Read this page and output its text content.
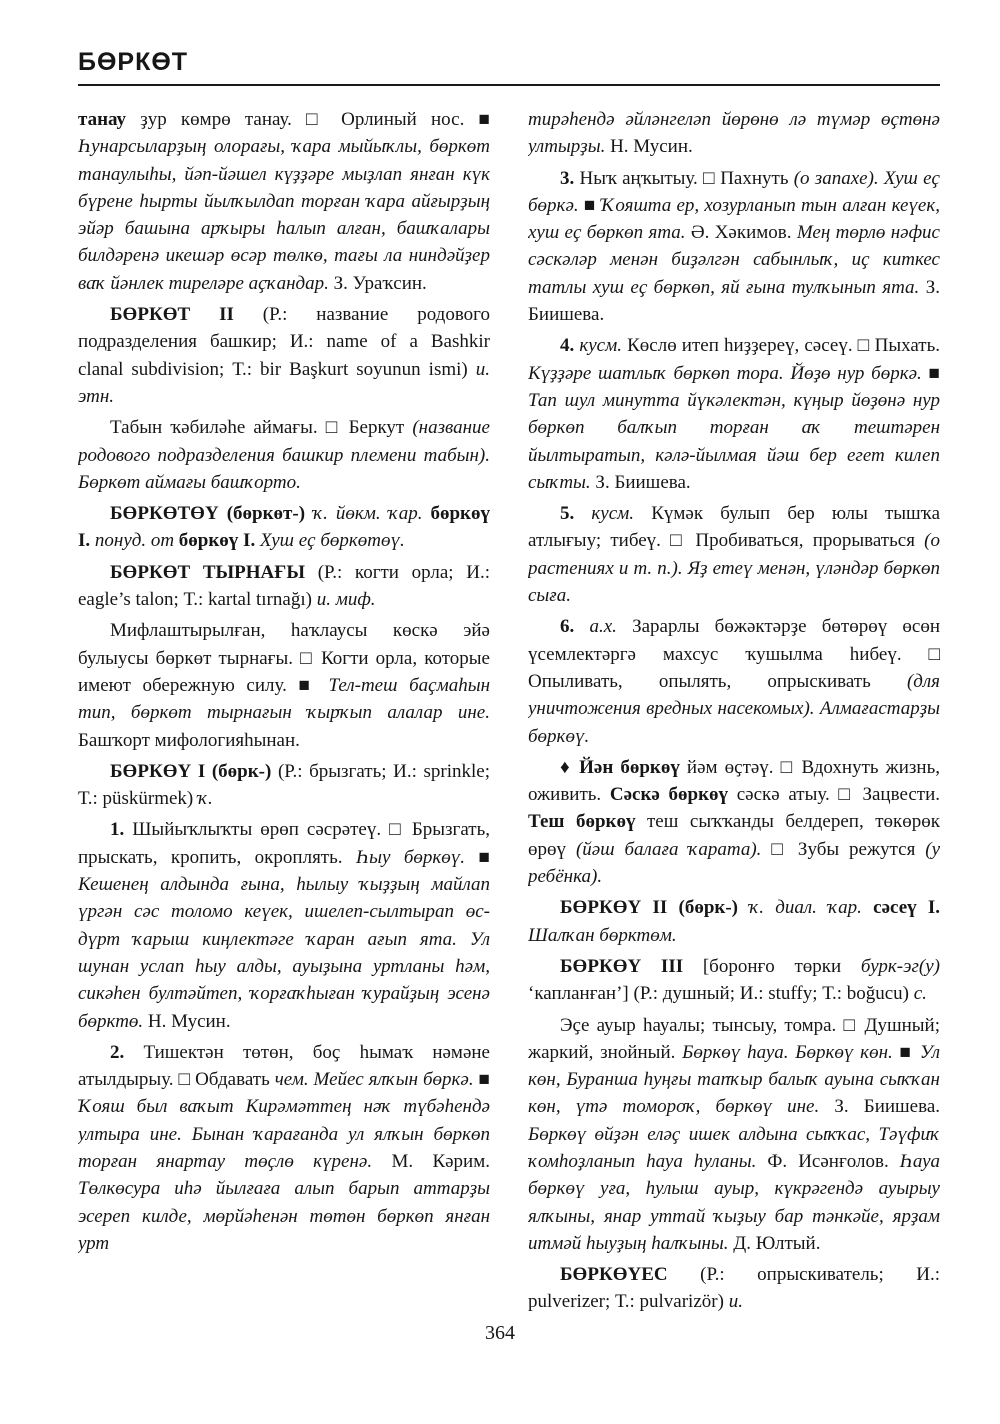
БӨРКӨТ

танау ҙур көмрө танау. □ Орлиный нос. ■ Һунарсыларҙың олорағы, ҡара мыйыҡлы, бөркөт танаулыһы, йәп-йәшел күҙҙәре мыҙлап янған күк бүрене һырты йылҡылдап торған ҡара айғырҙың эйәр башына арҡыры һалып алған, башҡалары билдәренә икешәр өсәр төлкө, тағы ла ниндәйҙер ваҡ йәнлек тиреләре аҫҡандар. З. Ураҡсин.

БӨРКӨТ II (Р.: название родового подразделения башкир; И.: name of a Bashkir clanal subdivision; Т.: bir Başkurt soyunun ismi) и. этн.

Табын ҡәбиләһе аймағы. □ Беркут (название родового подразделения башкир племени табын). Бөркөт аймағы башҡорто.

БӨРКӨТӨҮ (бөркөт-) ҡ. йөкм. ҡар. бөркөү I. понуд. от бөркөү I. Хуш еҫ бөркөтөү.

БӨРКӨТ ТЫРНАҒЫ (Р.: когти орла; И.: eagle’s talon; Т.: kartal tırnağı) и. миф.

Мифлаштырылған, һаҡлаусы көскә эйә булыусы бөркөт тырнағы. □ Когти орла, которые имеют обережную силу. ■ Тел-теш баҫмаһын тип, бөркөт тырнағын ҡырҡып алалар ине. Башҡорт мифологияһынан.

БӨРКӨҮ I (бөрк-) (Р.: брызгать; И.: sprinkle; Т.: püskürmek) ҡ.

1. Шыйыҡлыҡты өрөп сәсрәтеү. □ Брызгать, прыскать, кропить, окроплять. Һыу бөркөү. ■ Кешенең алдында ғына, һылыу ҡыҙҙың майлап үргән сәс толомо кеүек, ишелеп-сылтырап өс-дүрт ҡарыш киңлектәге ҡаран ағып ята. Ул шунан услап һыу алды, ауыҙына уртланы һәм, сикәһен бултәйтеп, ҡорғаҡһыған ҡурайҙың эсенә бөрктө. Н. Мусин.

2. Тишектән төтөн, боҫ һымаҡ нәмәне атылдырыу. □ Обдавать чем. Мейес ялҡын бөркә. ■ Ҡояш был ваҡыт Кирәмәттең нәҡ түбәһендә ултыра ине. Бынан ҡарағанда ул ялҡын бөркөп торған янартау төҫлө күренә. М. Кәрим. Төлкөсура иһә йылғаға алып барып аттарҙы эсереп килде, мөрйәһенән төтөн бөркөп янған урт

тирәһендә әйләнгеләп йөрөнө лә түмәр өҫтөнә ултырҙы. Н. Мусин.

3. Ныҡ аңҡытыу. □ Пахнуть (о запахе). Хуш еҫ бөркә. ■ Ҡояшта ер, хозурланып тын алған кеүек, хуш еҫ бөркөп ята. Ә. Хәкимов. Мең төрлө нәфис сәскәләр менән биҙәлгән сабынлыҡ, иҫ киткес татлы хуш еҫ бөркөп, яй ғына тулҡынып ята. З. Биишева.

4. кусм. Көслө итеп һиҙҙереү, сәсеү. □ Пыхать. Күҙҙәре шатлыҡ бөркөп тора. Йөҙө нур бөркә. ■ Тап шул минутта йүкәлектән, күңыр йөҙөнә нур бөркөп балҡып торған аҡ тештәрен йылтыратып, кәлә-йылмая йәш бер егет килеп сыҡты. З. Биишева.

5. кусм. Күмәк булып бер юлы тышҡа атлығыу; тибеү. □ Пробиваться, прорываться (о растениях и т. п.). Яҙ етеү менән, үләндәр бөркөп сыға.

6. а.х. Зарарлы бөжәктәрҙе бөтөрөү өсөн үсемлектәргә махсус ҡушылма һибеү. □ Опыливать, опылять, опрыскивать (для уничтожения вредных насекомых). Алмағастарҙы бөркөү.

♦ Йән бөркөү йәм өҫтәү. □ Вдохнуть жизнь, оживить. Сәскә бөркөү сәскә атыу. □ Зацвести. Теш бөркөү теш сыҡҡанды белдереп, төкөрөк өрөү (йәш балаға ҡарата). □ Зубы режутся (у ребёнка).

БӨРКӨҮ II (бөрк-) ҡ. диал. ҡар. сәсеү I. Шалҡан бөрктөм.

БӨРКӨҮ III [боронғо төрки бурк-эг(у) ‘капланған’] (Р.: душный; И.: stuffy; Т.: boğucu) с.

Эҫе ауыр һауалы; тынсыу, томра. □ Душный; жаркий, знойный. Бөркөү һауа. Бөркөү көн. ■ Ул көн, Буранша һуңғы тапҡыр балыҡ ауына сыҡҡан көн, үтә томороҡ, бөркөү ине. З. Биишева. Бөркөү өйҙән еләҫ ишек алдына сыҡҡас, Тәүфиҡ ҡомһоҙланып һауа һуланы. Ф. Исәнғолов. Һауа бөркөү уға, һулыш ауыр, күкрәгендә ауырыу ялҡыны, янар уттай ҡыҙыу бар тәнкәйе, ярҙам итмәй һыуҙың һалҡыны. Д. Юлтый.

БӨРКӨҮЕС (Р.: опрыскиватель; И.: pulverizer; Т.: pulvarizör) и.

364
